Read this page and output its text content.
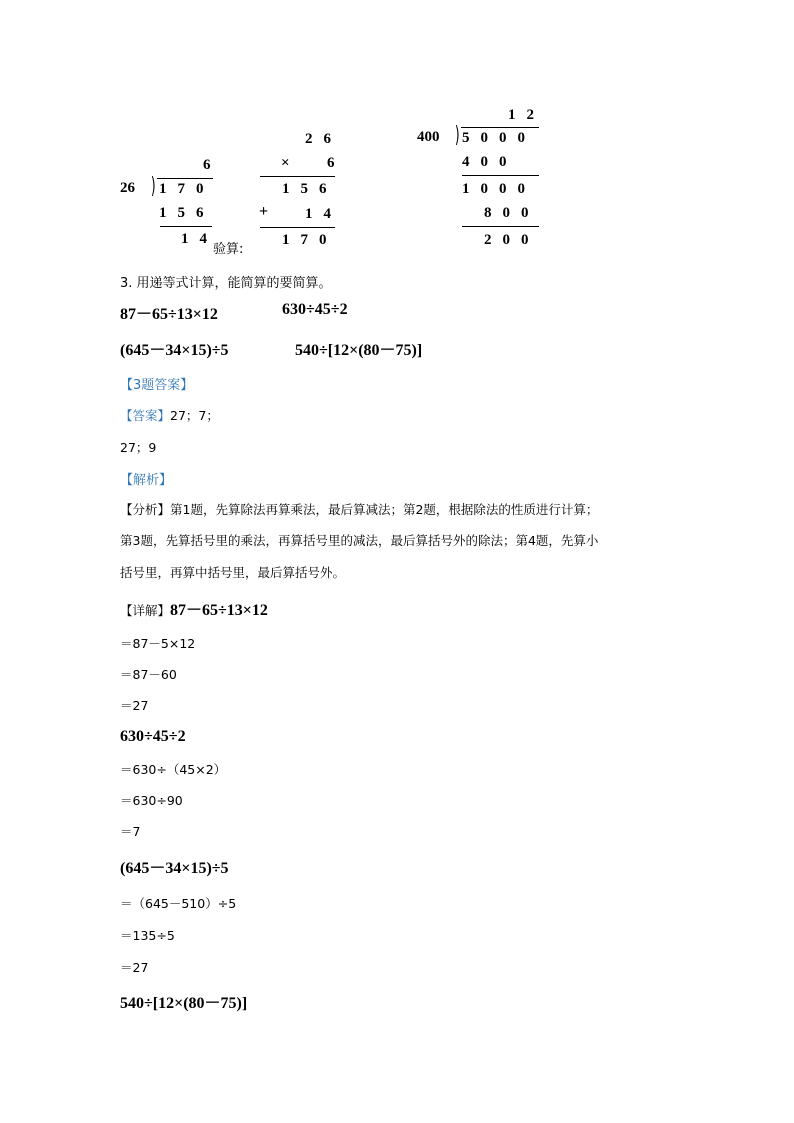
6
26 ) 170
156
14
验算:
26
× 6
156
+ 14
170
12
400 ) 5000
400
1000
800
200
3. 用递等式计算，能简算的要简算。
87－65÷13×12	630÷45÷2
(645－34×15)÷5	540÷[12×(80－75)]
【3题答案】
【答案】27；7；
27；9
【解析】
【分析】第1题，先算除法再算乘法，最后算减法；第2题，根据除法的性质进行计算；
第3题，先算括号里的乘法，再算括号里的减法，最后算括号外的除法；第4题，先算小
括号里，再算中括号里，最后算括号外。
【详解】87－65÷13×12
＝87－5×12
＝87－60
＝27
630÷45÷2
＝630÷（45×2）
＝630÷90
＝7
(645－34×15)÷5
＝（645－510）÷5
＝135÷5
＝27
540÷[12×(80－75)]
